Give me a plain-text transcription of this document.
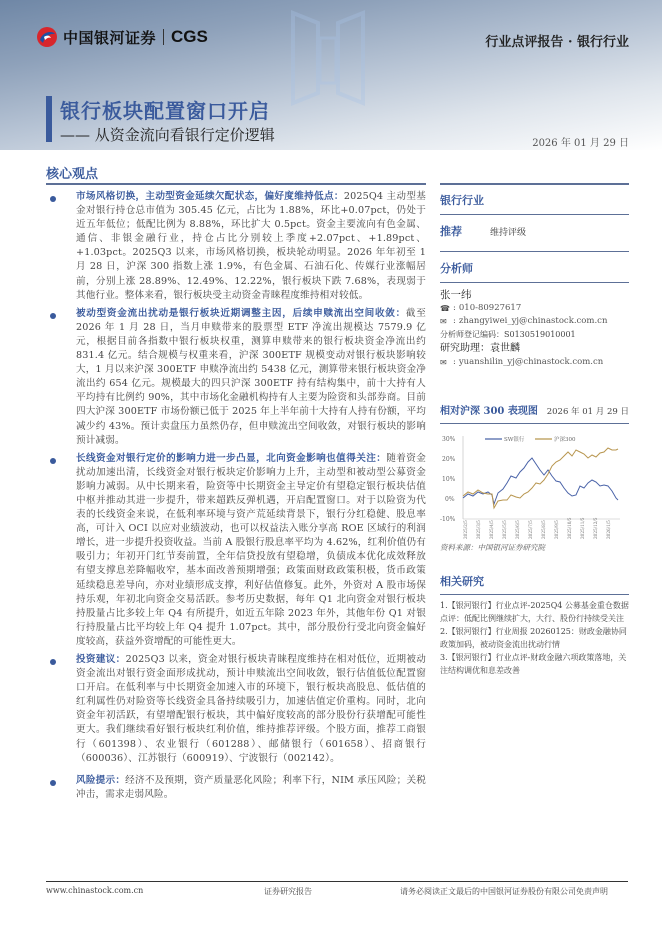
中国银河证券 CGS	行业点评报告 · 银行行业
银行板块配置窗口开启
—— 从资金流向看银行定价逻辑	2026 年 01 月 29 日
核心观点
市场风格切换，主动型资金延续欠配状态，偏好度维持低点：2025Q4 主动型基金对银行持仓总市值为 305.45 亿元，占比为 1.88%，环比+0.07pct，仍处于近五年低位；低配比例为 8.88%，环比扩大 0.5pct。资金主要流向有色金属、通信、非银金融行业，持仓占比分别较上季度+2.07pct、+1.89pct、+1.03pct。2025Q3 以来，市场风格切换，板块轮动明显。2026 年年初至 1 月 28 日，沪深 300 指数上涨 1.9%，有色金属、石油石化、传媒行业涨幅居前，分别上涨 28.89%、12.49%、12.22%，银行板块下跌 7.68%，表现弱于其他行业。整体来看，银行板块受主动资金青睐程度维持相对较低。
被动型资金流出扰动是银行板块近期调整主因，后续申赎流出空间收敛：截至 2026 年 1 月 28 日，当月申赎带来的股票型 ETF 净流出规模达 7579.9 亿元，根据目前各指数中银行板块权重，测算申赎带来的银行板块资金净流出约 831.4 亿元。结合规模与权重来看，沪深 300ETF 规模变动对银行板块影响较大，1 月以来沪深 300ETF 申赎净流出约 5438 亿元，测算带来银行板块资金净流出约 654 亿元。规模最大的四只沪深 300ETF 持有结构集中，前十大持有人平均持有比例约 90%，其中市场化金融机构持有人主要为险资和头部券商。目前四大沪深 300ETF 市场份额已低于 2025 年上半年前十大持有人持有份额，平均减少约 43%。预计卖盘压力虽然仍存，但申赎流出空间收敛，对银行板块的影响预计减弱。
长线资金对银行定价的影响力进一步凸显，北向资金影响也值得关注：随着资金扰动加速出清，长线资金对银行板块定价影响力上升，主动型和被动型公募资金影响力减弱。从中长期来看，险资等中长期资金主导定价有望稳定银行板块估值中枢并推动其进一步提升，带来超跌反弹机遇，开启配置窗口。对于以险资为代表的长线资金来说，在低利率环境与资产荒延续背景下，银行分红稳健、股息率高，可计入 OCI 以应对业绩波动，也可以权益法入账分享高 ROE 区域行的利润增长，进一步提升投资收益。当前 A 股银行股息率平均为 4.62%，红利价值仍有吸引力；年初开门红节奏前置，全年信贷投放有望稳增，负债成本优化成效释放有望支撑息差降幅收窄，基本面改善预期增强；政策面财政政策积极，货币政策延续稳息差导向，亦对业绩形成支撑，利好估值修复。此外，外资对 A 股市场保持乐观，年初北向资金交易活跃。参考历史数据，每年 Q1 北向资金对银行板块持股量占比多较上年 Q4 有所提升，如近五年除 2023 年外，其他年份 Q1 对银行持股量占比平均较上年 Q4 提升 1.07pct。其中，部分股份行受北向资金偏好度较高，获益外资增配的可能性更大。
投资建议：2025Q3 以来，资金对银行板块青睐程度维持在相对低位，近期被动资金流出对银行资金面形成扰动，预计申赎流出空间收敛，银行估值低位配置窗口开启。在低利率与中长期资金加速入市的环境下，银行板块高股息、低估值的红利属性仍对险资等长线资金具备持续吸引力，加速估值定价重构。同时，北向资金年初活跃，有望增配银行板块，其中偏好度较高的部分股份行获增配可能性更大。我们继续看好银行板块红利价值，维持推荐评级。个股方面，推荐工商银行（601398）、农业银行（601288）、邮储银行（601658）、招商银行（600036）、江苏银行（600919）、宁波银行（002142）。
风险提示：经济不及预期，资产质量恶化风险；利率下行，NIM 承压风险；关税冲击，需求走弱风险。
银行行业
推荐	维持评级
分析师
张一纬
☎ : 010-80927617
✉ : zhangyiwei_yj@chinastock.com.cn
分析师登记编码：S0130519010001
研究助理：袁世麟
✉ : yuanshilin_yj@chinastock.com.cn
相对沪深 300 表现图 2026 年 01 月 29 日
30%
20%
10%
0%
-10%
SW银行	沪深300
2025/2/5 2025/3/5 2025/4/5 2025/5/5 2025/6/5 2025/7/5 2025/8/5 2025/9/5 2025/10/5 2025/11/5 2025/12/5 2026/1/5
资料来源：中国银河证券研究院
相关研究
1.【银河银行】行业点评-2025Q4 公募基金重仓数据点评：低配比例继续扩大，大行、股份行持续受关注
2.【银河银行】行业周报 20260125：财政金融协同政策加码，被动资金流出扰动行情
3.【银河银行】行业点评-财政金融六项政策落地，关注结构调优和息差改善
www.chinastock.com.cn	证券研究报告	请务必阅读正文最后的中国银河证券股份有限公司免责声明
